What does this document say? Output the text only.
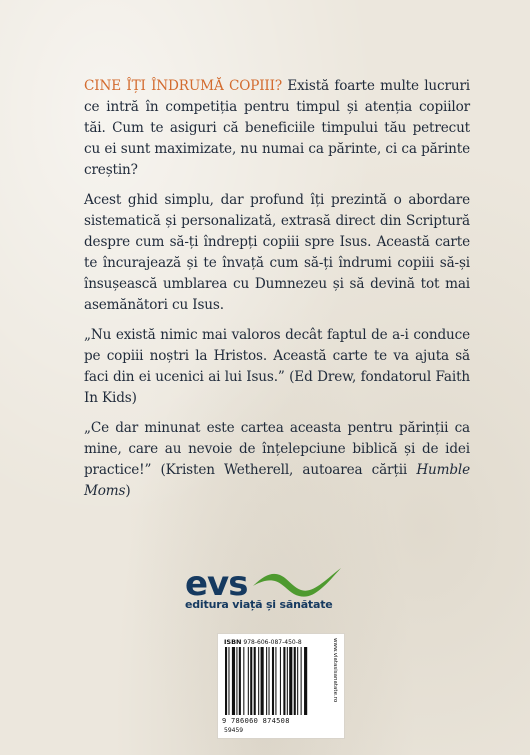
CINE ÎȚI ÎNDRUMĂ COPIII? Există foarte multe lucruri ce intră în competiția pentru timpul și atenția copiilor tăi. Cum te asiguri că beneficiile timpului tău petrecut cu ei sunt maximizate, nu numai ca părinte, ci ca părinte creștin?

Acest ghid simplu, dar profund îți prezintă o abordare sistematică și personalizată, extrasă direct din Scriptură despre cum să-ți îndrepți copiii spre Isus. Această carte te încurajează și te învață cum să-ți îndrumi copiii să-și însușească umblarea cu Dumnezeu și să devină tot mai asemănători cu Isus.

„Nu există nimic mai valoros decât faptul de a-i conduce pe copiii noștri la Hristos. Această carte te va ajuta să faci din ei ucenici ai lui Isus.” (Ed Drew, fondatorul Faith In Kids)

„Ce dar minunat este cartea aceasta pentru părinții ca mine, care au nevoie de înțelepciune biblică și de idei practice!” (Kristen Wetherell, autoarea cărții Humble Moms)

evs
editura viață și sănătate
ISBN 978-606-087-450-8
9 786060 874508
59459
www.viatasisanatate.ro
